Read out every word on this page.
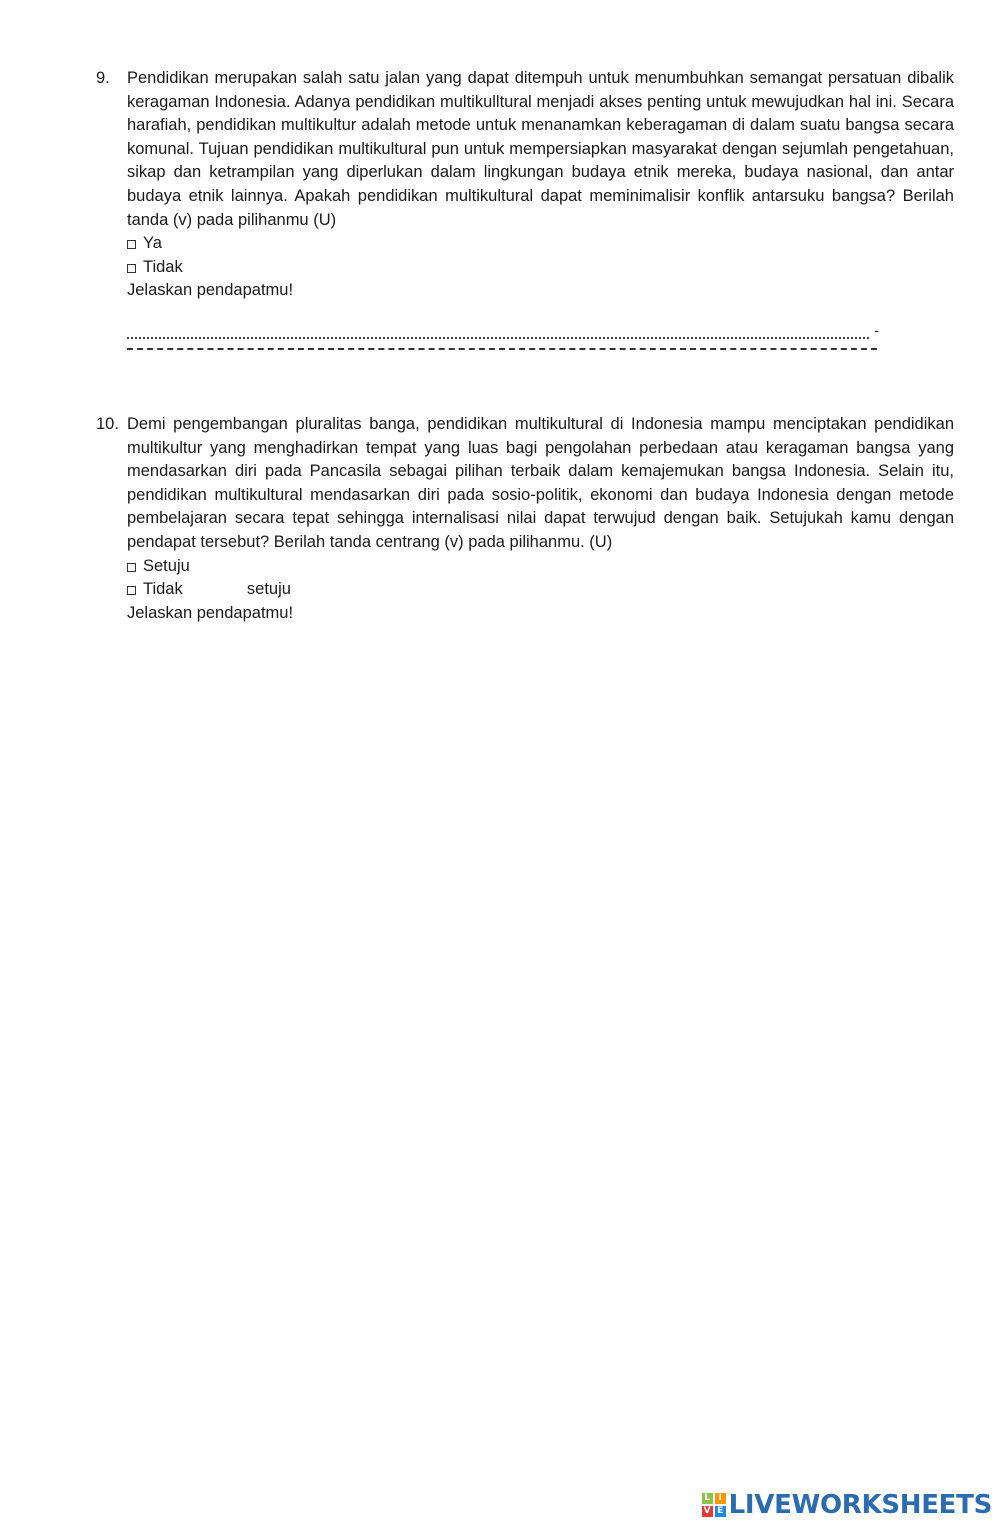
9.	Pendidikan merupakan salah satu jalan yang dapat ditempuh untuk menumbuhkan semangat persatuan dibalik keragaman Indonesia. Adanya pendidikan multikulltural menjadi akses penting untuk mewujudkan hal ini. Secara harafiah, pendidikan multikultur adalah metode untuk menanamkan keberagaman di dalam suatu bangsa secara komunal. Tujuan pendidikan multikultural pun untuk mempersiapkan masyarakat dengan sejumlah pengetahuan, sikap dan ketrampilan yang diperlukan dalam lingkungan budaya etnik mereka, budaya nasional, dan antar budaya etnik lainnya. Apakah pendidikan multikultural dapat meminimalisir konflik antarsuku bangsa? Berilah tanda (v) pada pilihanmu (U)

Ya
Tidak

Jelaskan pendapatmu!

-
10. Demi pengembangan pluralitas banga, pendidikan multikultural di Indonesia mampu menciptakan pendidikan multikultur yang menghadirkan tempat yang luas bagi pengolahan perbedaan atau keragaman bangsa yang mendasarkan diri pada Pancasila sebagai pilihan terbaik dalam kemajemukan bangsa Indonesia. Selain itu, pendidikan multikultural mendasarkan diri pada sosio-politik, ekonomi dan budaya Indonesia dengan metode pembelajaran secara tepat sehingga internalisasi nilai dapat terwujud dengan baik. Setujukah kamu dengan pendapat tersebut? Berilah tanda centrang (v) pada pilihanmu. (U)

Setuju
Tidak              setuju

Jelaskan pendapatmu!

L I
V E LIVEWORKSHEETS
